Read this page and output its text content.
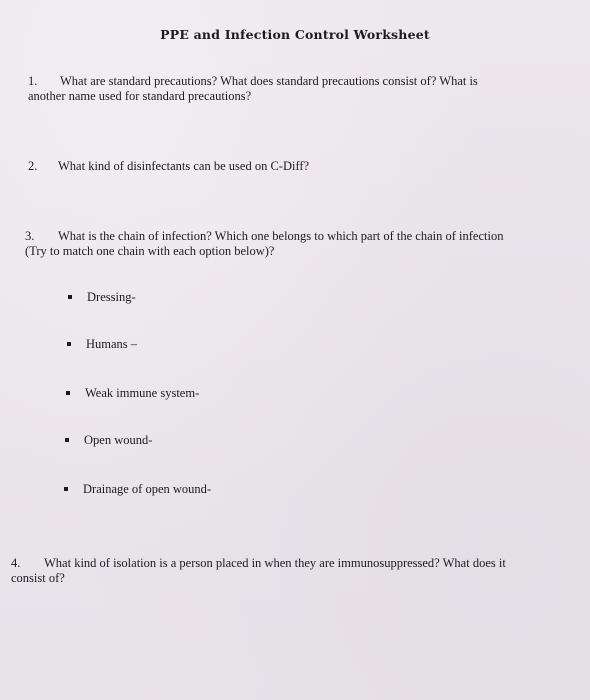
PPE and Infection Control Worksheet
1. What are standard precautions? What does standard precautions consist of? What is another name used for standard precautions?
2. What kind of disinfectants can be used on C-Diff?
3. What is the chain of infection? Which one belongs to which part of the chain of infection (Try to match one chain with each option below)?
Dressing-
Humans –
Weak immune system-
Open wound-
Drainage of open wound-
4. What kind of isolation is a person placed in when they are immunosuppressed? What does it consist of?
